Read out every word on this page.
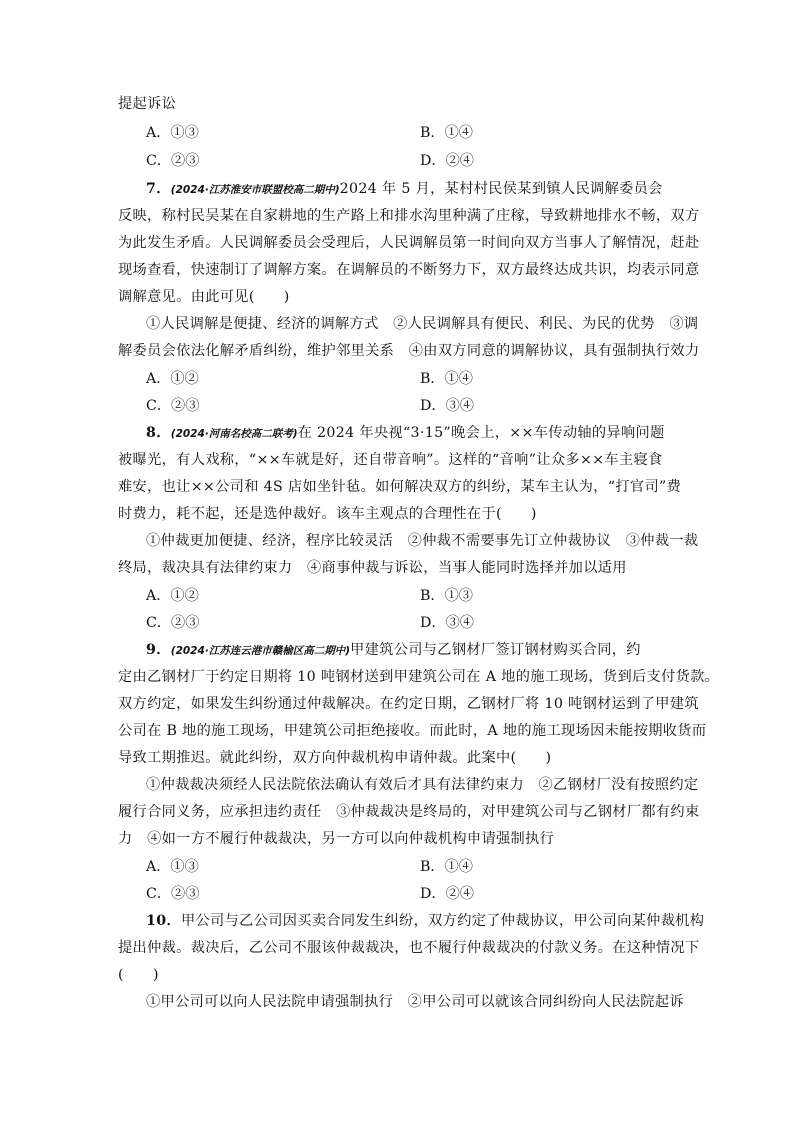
提起诉讼
A．①③	B．①④
C．②③	D．②④
7．(2024·江苏淮安市联盟校高二期中)2024 年 5 月，某村村民侯某到镇人民调解委员会
反映，称村民吴某在自家耕地的生产路上和排水沟里种满了庄稼，导致耕地排水不畅，双方
为此发生矛盾。人民调解委员会受理后，人民调解员第一时间向双方当事人了解情况，赶赴
现场查看，快速制订了调解方案。在调解员的不断努力下，双方最终达成共识，均表示同意
调解意见。由此可见(　　)
①人民调解是便捷、经济的调解方式　②人民调解具有便民、利民、为民的优势　③调
解委员会依法化解矛盾纠纷，维护邻里关系　④由双方同意的调解协议，具有强制执行效力
A．①②	B．①④
C．②③	D．③④
8．(2024·河南名校高二联考)在 2024 年央视“3·15”晚会上，××车传动轴的异响问题
被曝光，有人戏称，“××车就是好，还自带音响”。这样的“音响”让众多××车主寝食
难安，也让××公司和 4S 店如坐针毡。如何解决双方的纠纷，某车主认为，“打官司”费
时费力，耗不起，还是选仲裁好。该车主观点的合理性在于(　　)
①仲裁更加便捷、经济，程序比较灵活　②仲裁不需要事先订立仲裁协议　③仲裁一裁
终局，裁决具有法律约束力　④商事仲裁与诉讼，当事人能同时选择并加以适用
A．①②	B．①③
C．②③	D．③④
9．(2024·江苏连云港市赣榆区高二期中)甲建筑公司与乙钢材厂签订钢材购买合同，约
定由乙钢材厂于约定日期将 10 吨钢材送到甲建筑公司在 A 地的施工现场，货到后支付货款。
双方约定，如果发生纠纷通过仲裁解决。在约定日期，乙钢材厂将 10 吨钢材运到了甲建筑
公司在 B 地的施工现场，甲建筑公司拒绝接收。而此时，A 地的施工现场因未能按期收货而
导致工期推迟。就此纠纷，双方向仲裁机构申请仲裁。此案中(　　)
①仲裁裁决须经人民法院依法确认有效后才具有法律约束力　②乙钢材厂没有按照约定
履行合同义务，应承担违约责任　③仲裁裁决是终局的，对甲建筑公司与乙钢材厂都有约束
力　④如一方不履行仲裁裁决，另一方可以向仲裁机构申请强制执行
A．①③	B．①④
C．②③	D．②④
10．甲公司与乙公司因买卖合同发生纠纷，双方约定了仲裁协议，甲公司向某仲裁机构
提出仲裁。裁决后，乙公司不服该仲裁裁决，也不履行仲裁裁决的付款义务。在这种情况下
(　　)
①甲公司可以向人民法院申请强制执行　②甲公司可以就该合同纠纷向人民法院起诉
